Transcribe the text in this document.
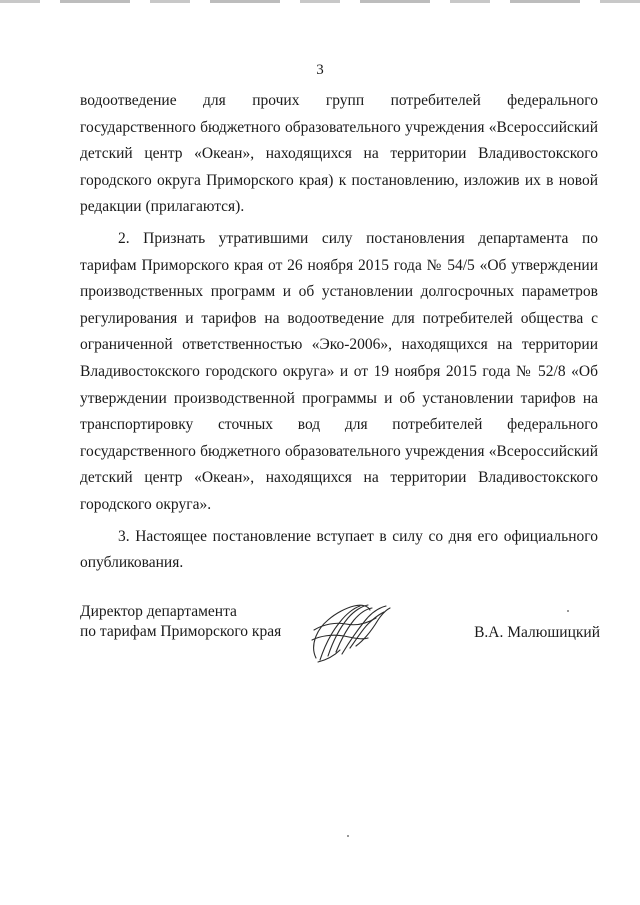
3

водоотведение для прочих групп потребителей федерального государственного бюджетного образовательного учреждения «Всероссийский детский центр «Океан», находящихся на территории Владивостокского городского округа Приморского края) к постановлению, изложив их в новой редакции (прилагаются).

2. Признать утратившими силу постановления департамента по тарифам Приморского края от 26 ноября 2015 года № 54/5 «Об утверждении производственных программ и об установлении долгосрочных параметров регулирования и тарифов на водоотведение для потребителей общества с ограниченной ответственностью «Эко-2006», находящихся на территории Владивостокского городского округа» и от 19 ноября 2015 года № 52/8 «Об утверждении производственной программы и об установлении тарифов на транспортировку сточных вод для потребителей федерального государственного бюджетного образовательного учреждения «Всероссийский детский центр «Океан», находящихся на территории Владивостокского городского округа».

3. Настоящее постановление вступает в силу со дня его официального опубликования.

Директор департамента
по тарифам Приморского края	В.А. Малюшицкий
